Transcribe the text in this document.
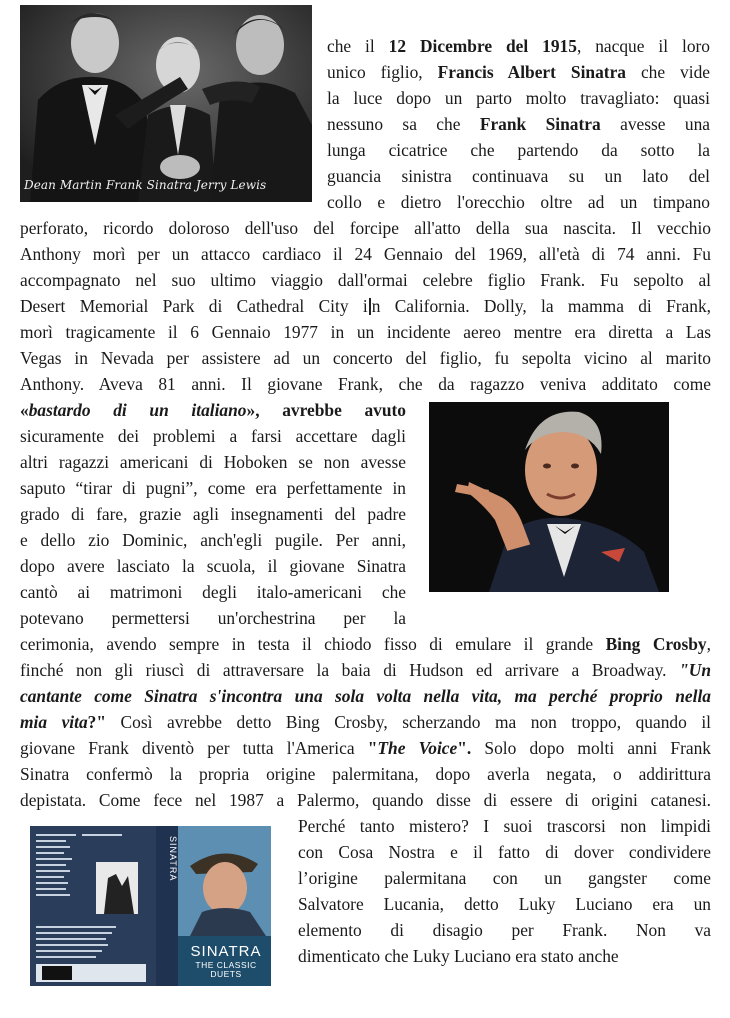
Dean Martin Frank Sinatra Jerry Lewis
SINATRA
SINATRA
THE CLASSIC DUETS
che il 12 Dicembre del 1915, nacque il loro
unico figlio, Francis Albert Sinatra che vide
la luce dopo un parto molto travagliato: quasi
nessuno sa che Frank Sinatra avesse una
lunga cicatrice che partendo da sotto la
guancia sinistra continuava su un lato del
collo e dietro l'orecchio oltre ad un timpano
perforato, ricordo doloroso dell'uso del forcipe all'atto della sua nascita. Il vecchio
Anthony morì per un attacco cardiaco il 24 Gennaio del 1969, all'età di 74 anni. Fu
accompagnato nel suo ultimo viaggio dall'ormai celebre figlio Frank. Fu sepolto al
Desert Memorial Park di Cathedral City i n California. Dolly, la mamma di Frank,
morì tragicamente il 6 Gennaio 1977 in un incidente aereo mentre era diretta a Las
Vegas in Nevada per assistere ad un concerto del figlio, fu sepolta vicino al marito
Anthony. Aveva 81 anni. Il giovane Frank, che da ragazzo veniva additato come
«bastardo di un italiano», avrebbe avuto
sicuramente dei problemi a farsi accettare dagli
altri ragazzi americani di Hoboken se non avesse
saputo “tirar di pugni”, come era perfettamente in
grado di fare, grazie agli insegnamenti del padre
e dello zio Dominic, anch'egli pugile. Per anni,
dopo avere lasciato la scuola, il giovane Sinatra
cantò ai matrimoni degli italo-americani che
potevano permettersi un'orchestrina per la
cerimonia, avendo sempre in testa il chiodo fisso di emulare il grande Bing Crosby,
finché non gli riuscì di attraversare la baia di Hudson ed arrivare a Broadway. "Un
cantante come Sinatra s'incontra una sola volta nella vita, ma perché proprio nella
mia vita?" Così avrebbe detto Bing Crosby, scherzando ma non troppo, quando il
giovane Frank diventò per tutta l'America "The Voice". Solo dopo molti anni Frank
Sinatra confermò la propria origine palermitana, dopo averla negata, o addirittura
depistata. Come fece nel 1987 a Palermo, quando disse di essere di origini catanesi.
Perché tanto mistero? I suoi trascorsi non limpidi
con Cosa Nostra e il fatto di dover condividere
l’origine palermitana con un gangster come
Salvatore Lucania, detto Luky Luciano era un
elemento di disagio per Frank. Non va
dimenticato che Luky Luciano era stato anche
